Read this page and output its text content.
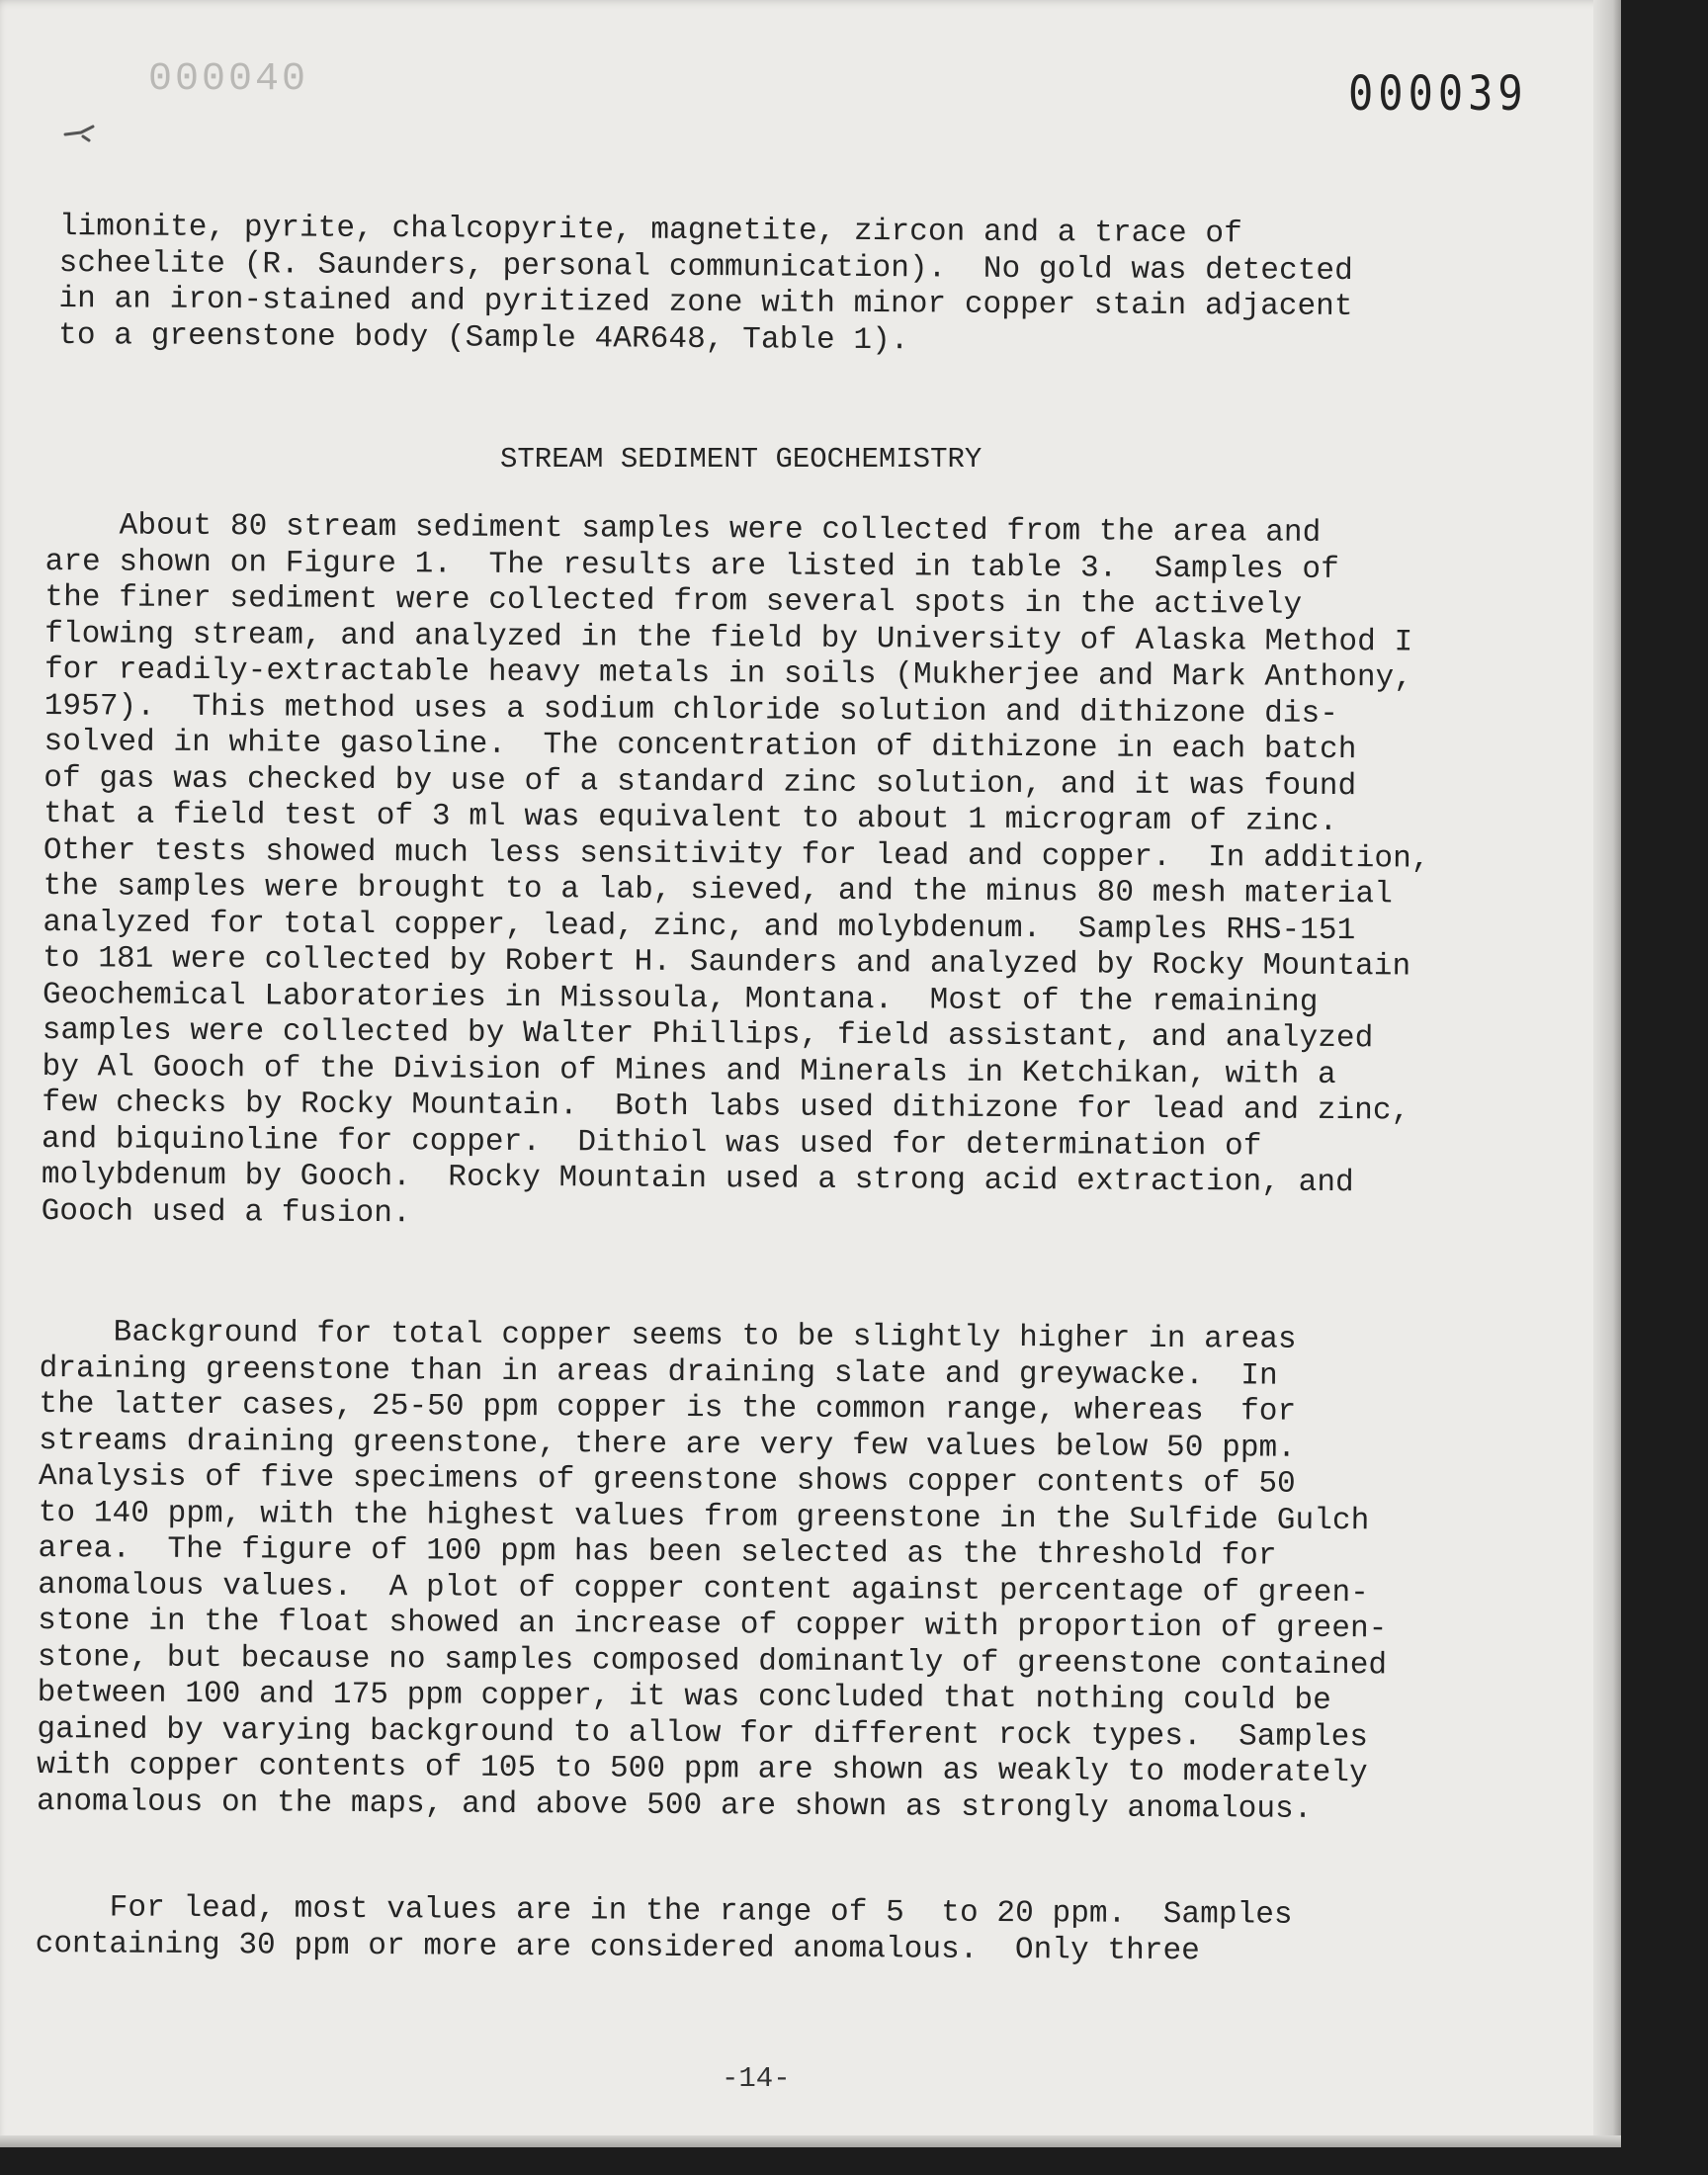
000040	000039
limonite, pyrite, chalcopyrite, magnetite, zircon and a trace of
scheelite (R. Saunders, personal communication).  No gold was detected
in an iron-stained and pyritized zone with minor copper stain adjacent
to a greenstone body (Sample 4AR648, Table 1).
STREAM SEDIMENT GEOCHEMISTRY
About 80 stream sediment samples were collected from the area and
are shown on Figure 1.  The results are listed in table 3.  Samples of
the finer sediment were collected from several spots in the actively
flowing stream, and analyzed in the field by University of Alaska Method I
for readily-extractable heavy metals in soils (Mukherjee and Mark Anthony,
1957).  This method uses a sodium chloride solution and dithizone dis-
solved in white gasoline.  The concentration of dithizone in each batch
of gas was checked by use of a standard zinc solution, and it was found
that a field test of 3 ml was equivalent to about 1 microgram of zinc.
Other tests showed much less sensitivity for lead and copper.  In addition,
the samples were brought to a lab, sieved, and the minus 80 mesh material
analyzed for total copper, lead, zinc, and molybdenum.  Samples RHS-151
to 181 were collected by Robert H. Saunders and analyzed by Rocky Mountain
Geochemical Laboratories in Missoula, Montana.  Most of the remaining
samples were collected by Walter Phillips, field assistant, and analyzed
by Al Gooch of the Division of Mines and Minerals in Ketchikan, with a
few checks by Rocky Mountain.  Both labs used dithizone for lead and zinc,
and biquinoline for copper.  Dithiol was used for determination of
molybdenum by Gooch.  Rocky Mountain used a strong acid extraction, and
Gooch used a fusion.
Background for total copper seems to be slightly higher in areas
draining greenstone than in areas draining slate and greywacke.  In
the latter cases, 25-50 ppm copper is the common range, whereas  for
streams draining greenstone, there are very few values below 50 ppm.
Analysis of five specimens of greenstone shows copper contents of 50
to 140 ppm, with the highest values from greenstone in the Sulfide Gulch
area.  The figure of 100 ppm has been selected as the threshold for
anomalous values.  A plot of copper content against percentage of green-
stone in the float showed an increase of copper with proportion of green-
stone, but because no samples composed dominantly of greenstone contained
between 100 and 175 ppm copper, it was concluded that nothing could be
gained by varying background to allow for different rock types.  Samples
with copper contents of 105 to 500 ppm are shown as weakly to moderately
anomalous on the maps, and above 500 are shown as strongly anomalous.
For lead, most values are in the range of 5  to 20 ppm.  Samples
containing 30 ppm or more are considered anomalous.  Only three
-14-
